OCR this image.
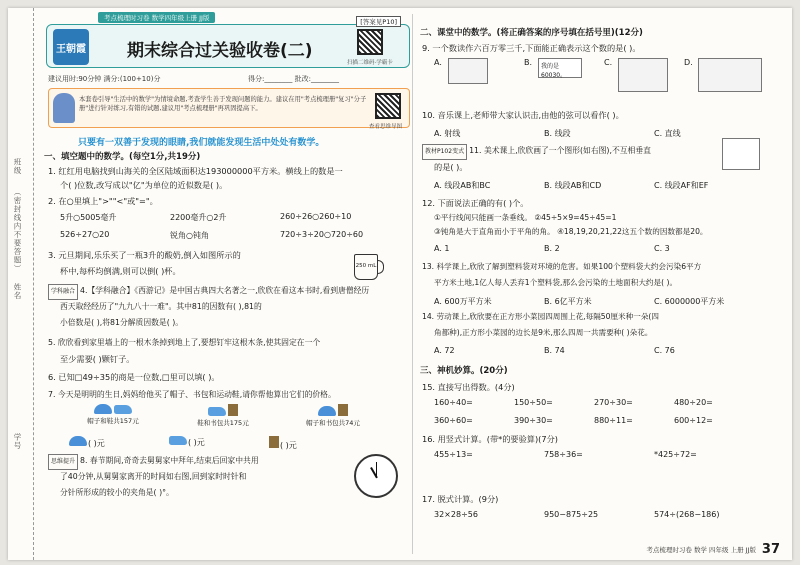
班级
（密封线内不要答题）
姓名
学号
考点梳理时习卷 数学四年级上册 JJ版	[答案见P10]
王朝霞 期末综合过关验收卷(二)
扫描二维码·学霸卡
建议用时:90分钟 满分:(100+10)分	得分:________ 批改:________

本套卷引导"生活中的数学"为情境命题,考查学生善于发现问题的能力。建议在用"考点梳理册"复习"分子册"进行针对练习,有错的试题,建议用"考点梳理册"再巩固提高下。

查看思维导图
只要有一双善于发现的眼睛,我们就能发现生活中处处有数学。
一、填空题中的数学。(每空1分,共19分)
1. 红红用电脑找到山海关的全区陆域面积达193000000平方米。横线上的数是一
个( )位数,改写成以"亿"为单位的近似数是( )。
2. 在○里填上">""<"或"="。
5升○5005毫升	2200毫升○2升	260÷26○260÷10
526÷27○20	锐角○钝角	720÷3÷20○720÷60
3. 元旦期间,乐乐买了一瓶3升的酸奶,倒入如图所示的
杯中,每杯均倒满,则可以倒( )杯。	250 mL
学科融合 4.【学科融合】《西游记》是中国古典四大名著之一,欣欣在看这本书时,看到唐僧经历
西天取经经历了"九九八十一难"。其中81的因数有( ),81的
小倍数是( ),将81分解质因数是( )。
5. 欣欣看到家里墙上的一根木条掉到地上了,要想钉牢这根木条,使其固定在一个
至少需要( )颗钉子。
6. 已知□49÷35的商是一位数,□里可以填( )。
7. 今天是明明的生日,妈妈给他买了帽子、书包和运动鞋,请你帮他算出它们的价格。
帽子和鞋共157元	鞋和书包共175元	帽子和书包共74元
( )元	( )元	( )元
思维提升 8. 春节期间,奇奇去舅舅家中拜年,结束后回家中共用
了40分钟,从舅舅家离开的时间如右图,回到家时时针和
分针所形成的较小的夹角是( )°。
二、课堂中的数学。(将正确答案的序号填在括号里)(12分)
9. 一个数读作六百万零三千,下面能正确表示这个数的是( )。
A.	B.	我的是60030。
C.	D.
10. 音乐课上,老师带大家认识击,由他的弦可以看作( )。
A. 射线	B. 线段	C. 直线
教材P102变式 11. 美术课上,欣欣画了一个图形(如右图),不互相垂直
的是( )。
A. 线段AB和BC	B. 线段AB和CD	C. 线段AF和EF
12. 下面说法正确的有( )个。
①平行线间只能画一条垂线。 ②45÷5×9=45÷45=1
③钝角是大于直角而小于平角的角。 ④18,19,20,21,22这五个数的因数都是20。
A. 1	B. 2	C. 3
13. 科学课上,欣欣了解到塑料袋对环境的危害。如果100个塑料袋大约会污染6平方
平方米土地,1亿人每人丢弃1个塑料袋,那么会污染的土地面积大约是( )。
A. 600万平方米	B. 6亿平方米	C. 6000000平方米
14. 劳动课上,欣欣要在正方形小菜园四周围上花,每隔50厘米种一朵(四
角都种),正方形小菜园的边长是9米,那么四周一共需要种( )朵花。
A. 72	B. 74	C. 76
三、神机妙算。(20分)
15. 直接写出得数。(4分)
160÷40=	150÷50=	270÷30=	480÷20=
360÷60=	390÷30=	880÷11=	600÷12=
16. 用竖式计算。(带*的要验算)(7分)
455÷13=	758÷36=	*425÷72=
17. 脱式计算。(9分)
32×28÷56	950−875÷25	574÷(268−186)
考点梳理时习卷 数学 四年级 上册 JJ版 37
